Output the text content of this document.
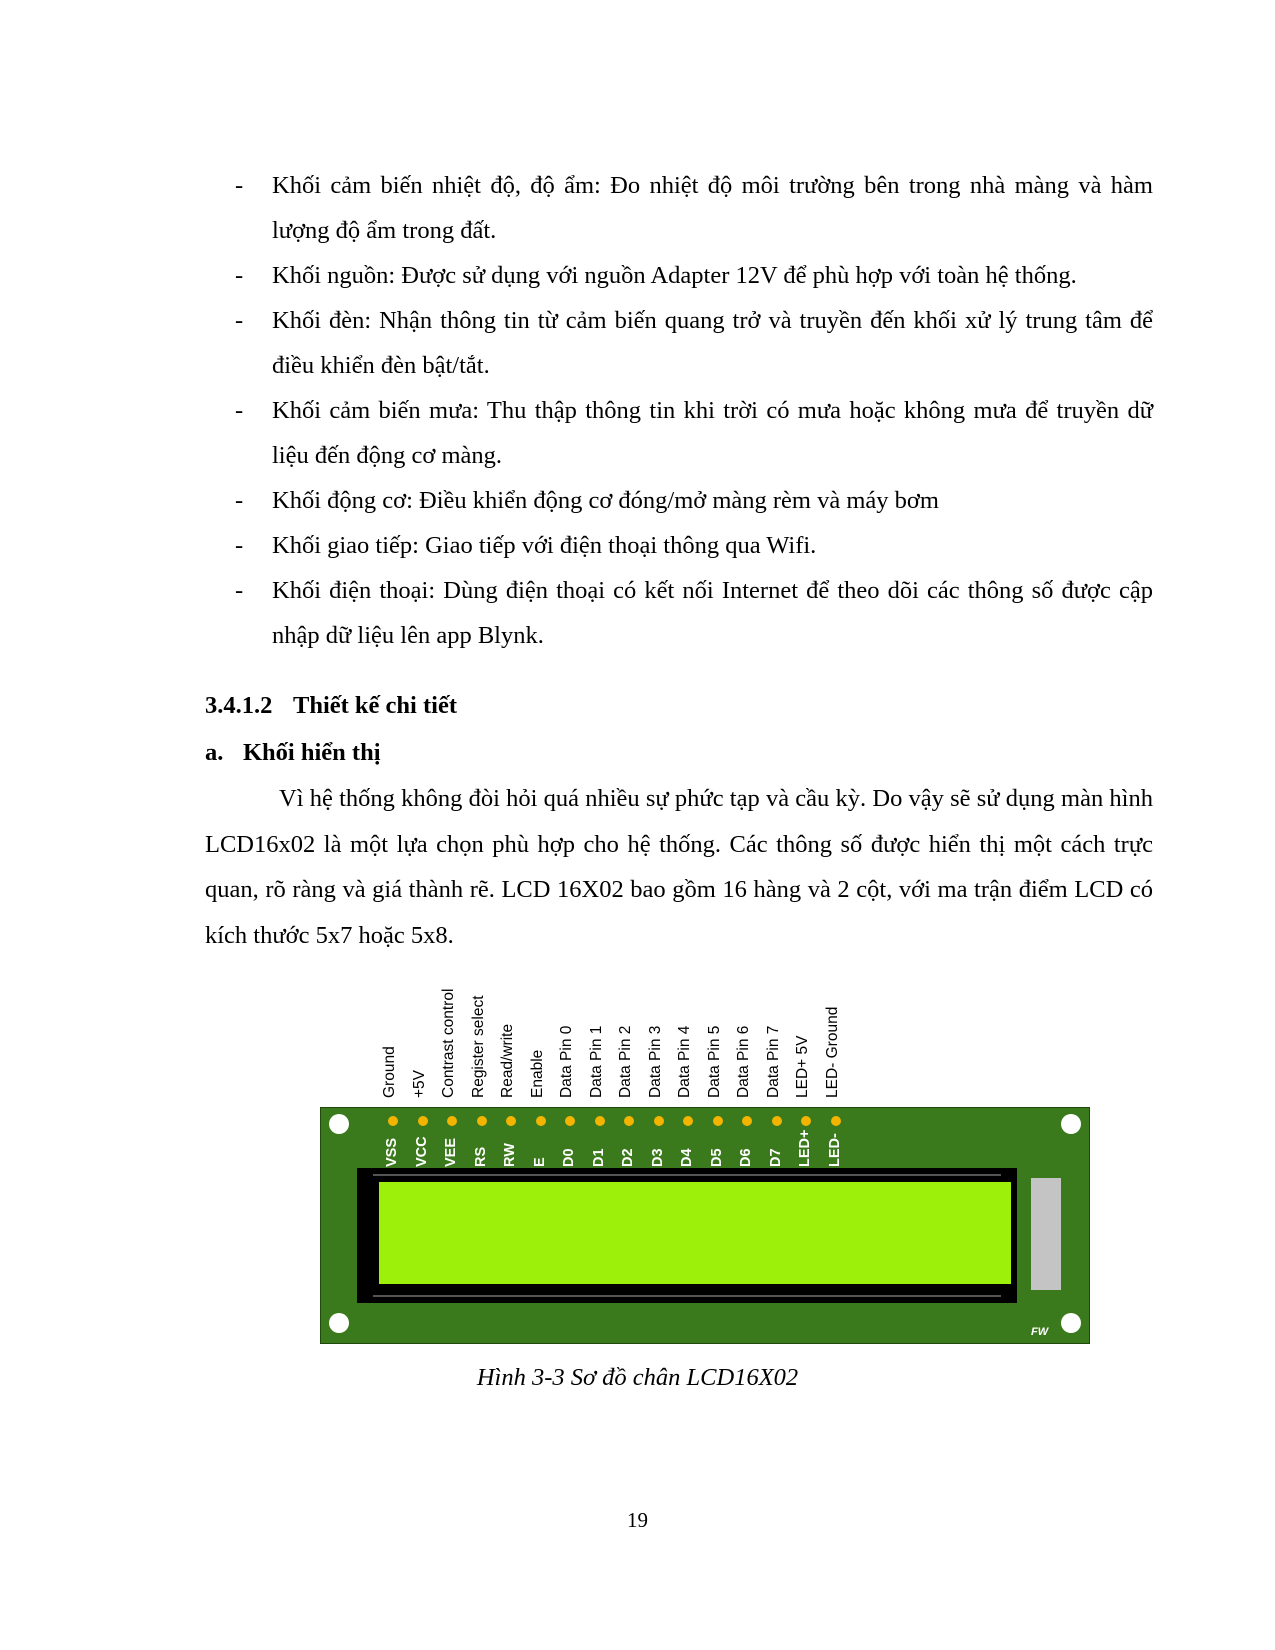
-	Khối cảm biến nhiệt độ, độ ẩm: Đo nhiệt độ môi trường bên trong nhà màng và hàm lượng độ ẩm trong đất.
-	Khối nguồn: Được sử dụng với nguồn Adapter 12V để phù hợp với toàn hệ thống.
-	Khối đèn: Nhận thông tin từ cảm biến quang trở và truyền đến khối xử lý trung tâm để điều khiển đèn bật/tắt.
-	Khối cảm biến mưa: Thu thập thông tin khi trời có mưa hoặc không mưa để truyền dữ liệu đến động cơ màng.
-	Khối động cơ: Điều khiển động cơ đóng/mở màng rèm và máy bơm
-	Khối giao tiếp: Giao tiếp với điện thoại thông qua Wifi.
-	Khối điện thoại: Dùng điện thoại có kết nối Internet để theo dõi các thông số được cập nhập dữ liệu lên app Blynk.
3.4.1.2 Thiết kế chi tiết
a. Khối hiển thị
Vì hệ thống không đòi hỏi quá nhiều sự phức tạp và cầu kỳ. Do vậy sẽ sử dụng màn hình LCD16x02 là một lựa chọn phù hợp cho hệ thống. Các thông số được hiển thị một cách trực quan, rõ ràng và giá thành rẽ. LCD 16X02 bao gồm 16 hàng và 2 cột, với ma trận điểm LCD có kích thước 5x7 hoặc 5x8.
Ground +5V Contrast control Register select Read/write Enable Data Pin 0 Data Pin 1 Data Pin 2 Data Pin 3 Data Pin 4 Data Pin 5 Data Pin 6 Data Pin 7 LED+ 5V LED- Ground
FW
VSS VCC VEE RS RW E D0 D1 D2 D3 D4 D5 D6 D7 LED+ LED-
Hình 3-3 Sơ đồ chân LCD16X02
19
